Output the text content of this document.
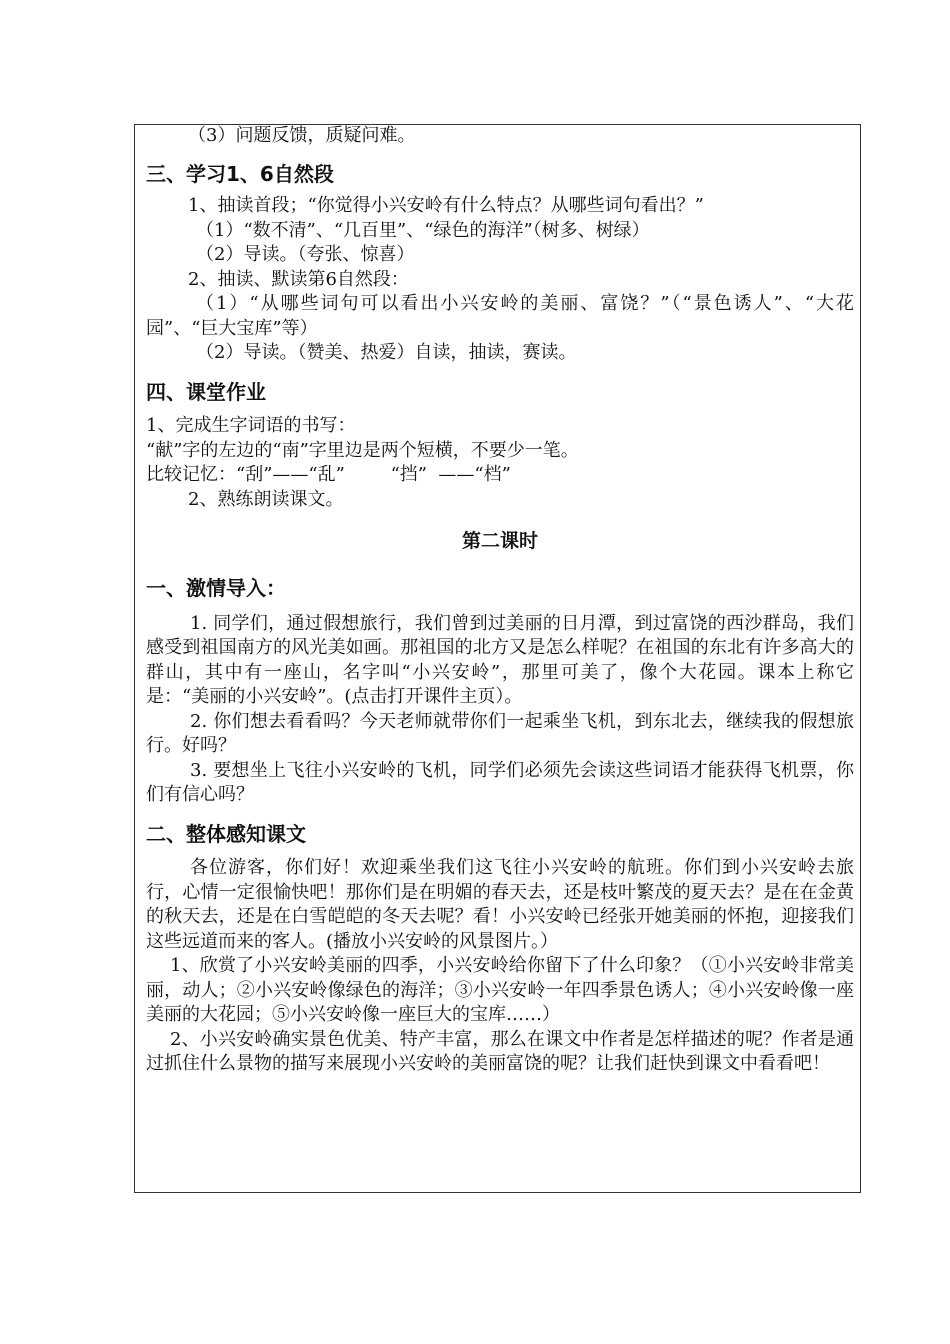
（3）问题反馈，质疑问难。
三、学习1、6自然段
1、抽读首段；“你觉得小兴安岭有什么特点？从哪些词句看出？”
（1）“数不清”、“几百里”、“绿色的海洋”（树多、树绿）
（2）导读。（夸张、惊喜）
2、抽读、默读第6自然段：
（1）“从哪些词句可以看出小兴安岭的美丽、富饶？”（“景色诱人”、“大花园”、“巨大宝库”等）
（2）导读。（赞美、热爱）自读，抽读，赛读。
四、课堂作业
1、完成生字词语的书写：
“献”字的左边的“南”字里边是两个短横，不要少一笔。
比较记忆：“刮”——“乱”        “挡”  ——“档”
2、熟练朗读课文。
第二课时
一、激情导入：
1. 同学们，通过假想旅行，我们曾到过美丽的日月潭，到过富饶的西沙群岛，我们感受到祖国南方的风光美如画。那祖国的北方又是怎么样呢？在祖国的东北有许多高大的群山，其中有一座山，名字叫“小兴安岭”，那里可美了，像个大花园。课本上称它是：“美丽的小兴安岭”。(点击打开课件主页）。
2. 你们想去看看吗？今天老师就带你们一起乘坐飞机，到东北去，继续我的假想旅行。好吗？
3. 要想坐上飞往小兴安岭的飞机，同学们必须先会读这些词语才能获得飞机票，你们有信心吗？
二、整体感知课文
各位游客，你们好！欢迎乘坐我们这飞往小兴安岭的航班。你们到小兴安岭去旅行，心情一定很愉快吧！那你们是在明媚的春天去，还是枝叶繁茂的夏天去？是在在金黄的秋天去，还是在白雪皑皑的冬天去呢？看！小兴安岭已经张开她美丽的怀抱，迎接我们这些远道而来的客人。(播放小兴安岭的风景图片。）
1、欣赏了小兴安岭美丽的四季，小兴安岭给你留下了什么印象？（①小兴安岭非常美丽，动人；②小兴安岭像绿色的海洋；③小兴安岭一年四季景色诱人；④小兴安岭像一座美丽的大花园；⑤小兴安岭像一座巨大的宝库……）
2、小兴安岭确实景色优美、特产丰富，那么在课文中作者是怎样描述的呢？作者是通过抓住什么景物的描写来展现小兴安岭的美丽富饶的呢？让我们赶快到课文中看看吧！
